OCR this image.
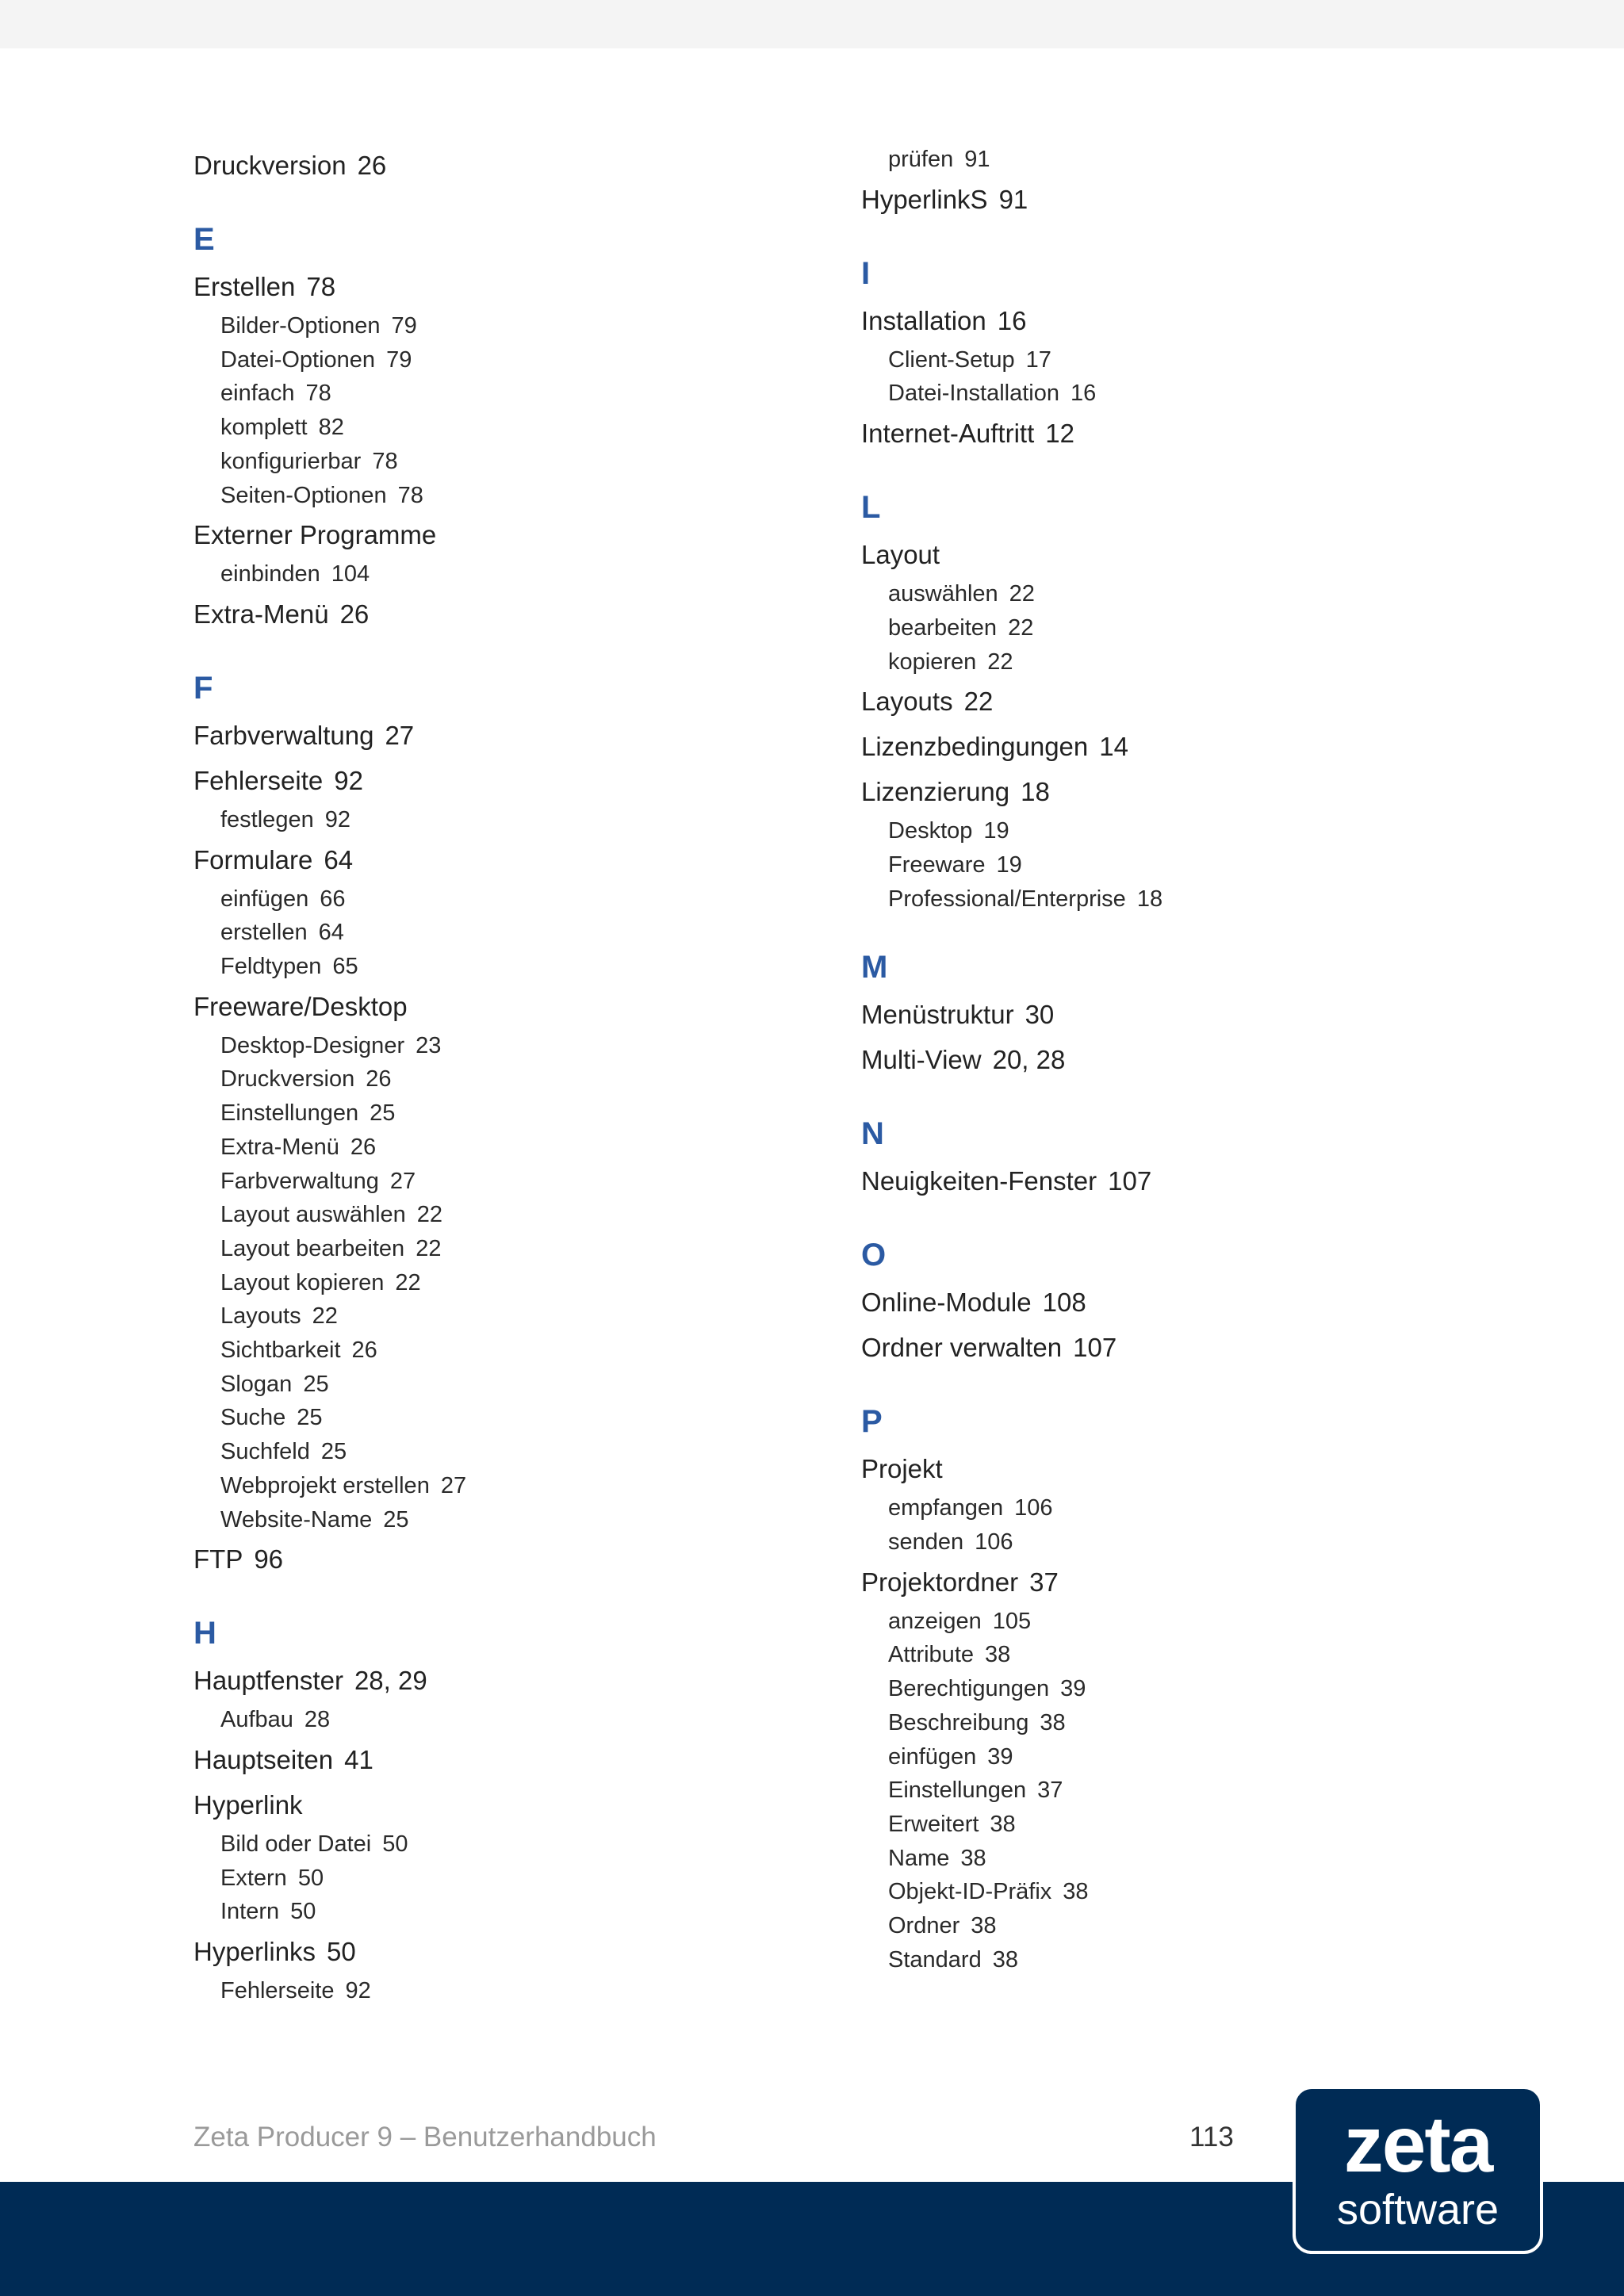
Druckversion 26
E
Erstellen 78
Bilder-Optionen 79
Datei-Optionen 79
einfach 78
komplett 82
konfigurierbar 78
Seiten-Optionen 78
Externer Programme
einbinden 104
Extra-Menü 26
F
Farbverwaltung 27
Fehlerseite 92
festlegen 92
Formulare 64
einfügen 66
erstellen 64
Feldtypen 65
Freeware/Desktop
Desktop-Designer 23
Druckversion 26
Einstellungen 25
Extra-Menü 26
Farbverwaltung 27
Layout auswählen 22
Layout bearbeiten 22
Layout kopieren 22
Layouts 22
Sichtbarkeit 26
Slogan 25
Suche 25
Suchfeld 25
Webprojekt erstellen 27
Website-Name 25
FTP 96
H
Hauptfenster 28, 29
Aufbau 28
Hauptseiten 41
Hyperlink
Bild oder Datei 50
Extern 50
Intern 50
Hyperlinks 50
Fehlerseite 92
prüfen 91
HyperlinkS 91
I
Installation 16
Client-Setup 17
Datei-Installation 16
Internet-Auftritt 12
L
Layout
auswählen 22
bearbeiten 22
kopieren 22
Layouts 22
Lizenzbedingungen 14
Lizenzierung 18
Desktop 19
Freeware 19
Professional/Enterprise 18
M
Menüstruktur 30
Multi-View 20, 28
N
Neuigkeiten-Fenster 107
O
Online-Module 108
Ordner verwalten 107
P
Projekt
empfangen 106
senden 106
Projektordner 37
anzeigen 105
Attribute 38
Berechtigungen 39
Beschreibung 38
einfügen 39
Einstellungen 37
Erweitert 38
Name 38
Objekt-ID-Präfix 38
Ordner 38
Standard 38
Zeta Producer 9 – Benutzerhandbuch	113	zeta
software
